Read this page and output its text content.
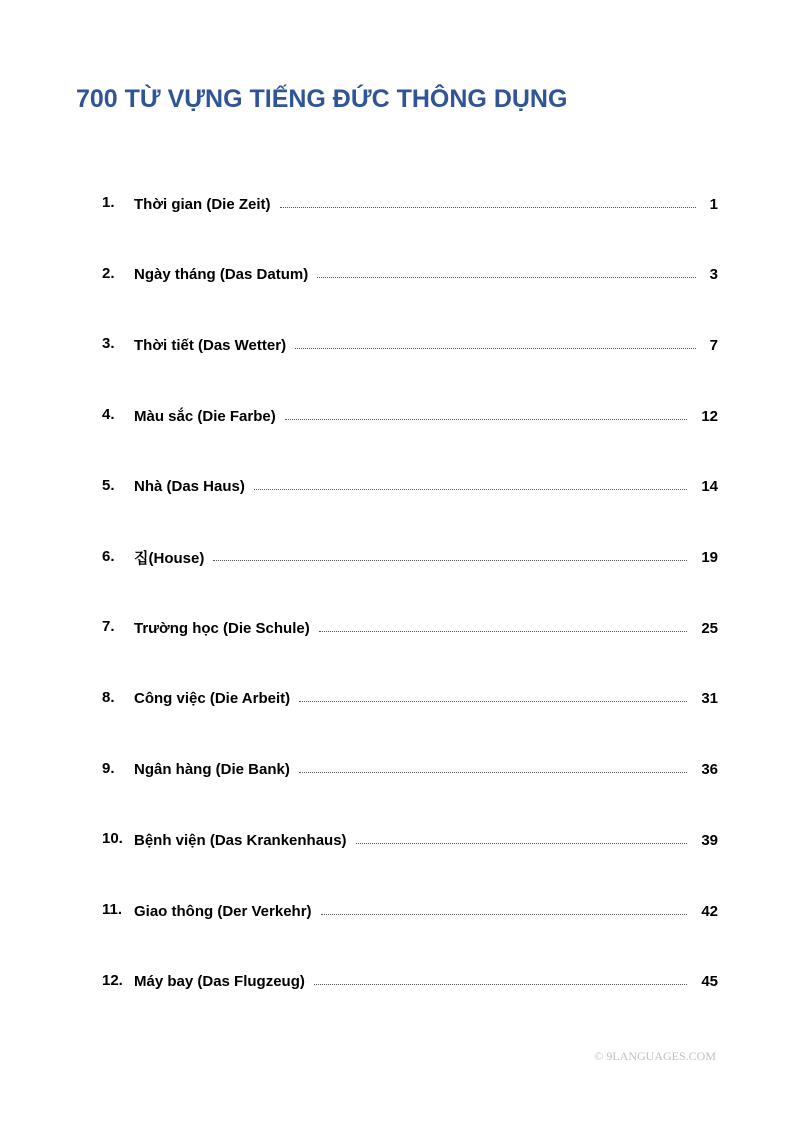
700 TỪ VỰNG TIẾNG ĐỨC THÔNG DỤNG
1. Thời gian (Die Zeit)	1
2. Ngày tháng (Das Datum)	3
3. Thời tiết (Das Wetter)	7
4. Màu sắc (Die Farbe)	12
5. Nhà (Das Haus)	14
6. 집(House)	19
7. Trường học (Die Schule)	25
8. Công việc (Die Arbeit)	31
9. Ngân hàng (Die Bank)	36
10. Bệnh viện (Das Krankenhaus)	39
11. Giao thông (Der Verkehr)	42
12. Máy bay (Das Flugzeug)	45
© 9LANGUAGES.COM
